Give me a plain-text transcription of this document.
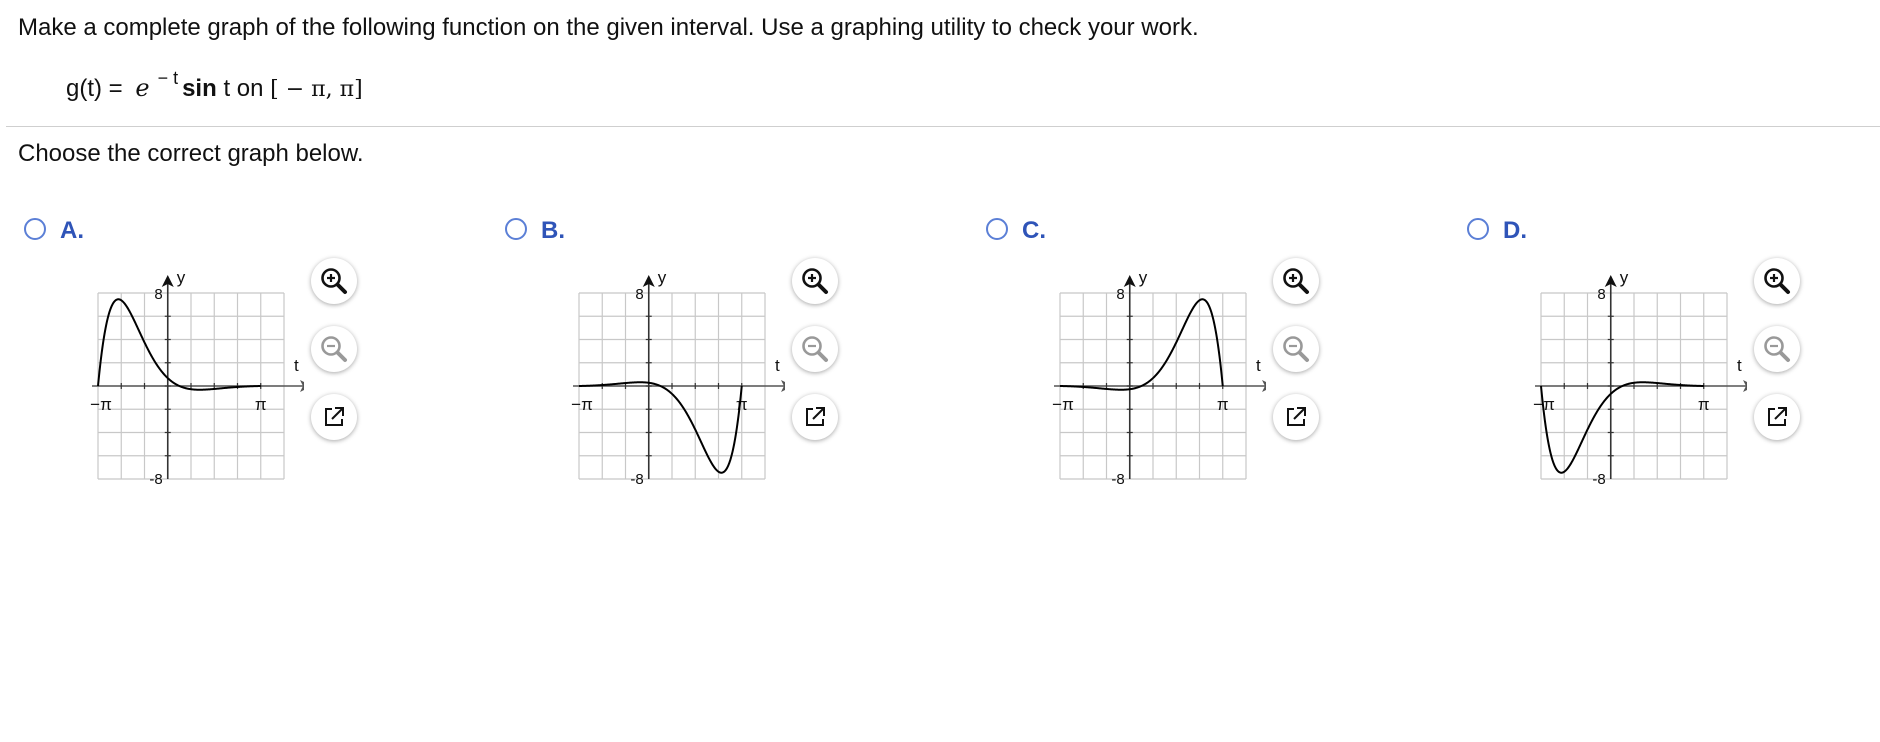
Make a complete graph of the following function on the given interval. Use a graphing utility to check your work.
g(t) = e $^{- t}$ sin t on [ − π, π]
Choose the correct graph below.
A.
y
t
8
-8
−π	π
B.
y
t
8
-8
−π	π
C.
y
t
8
-8
−π	π
D.
y
t
8
-8
−π	π
